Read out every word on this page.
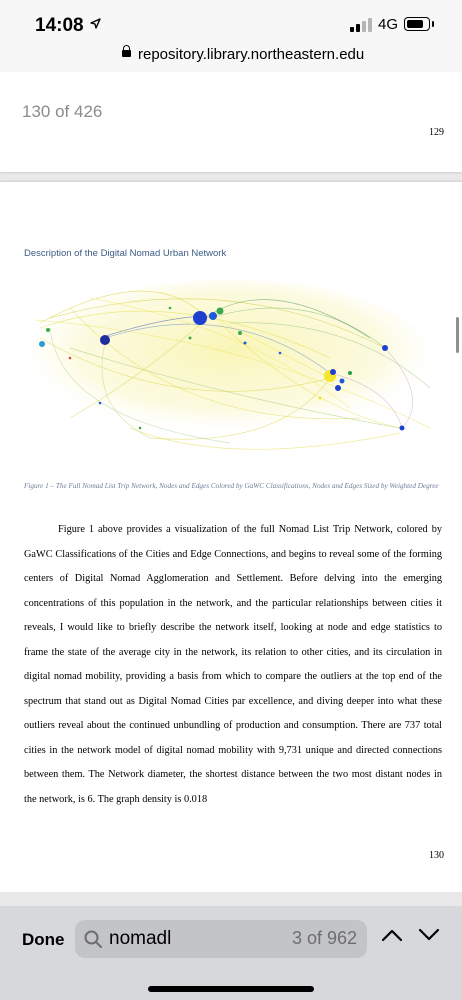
14:08	4G
repository.library.northeastern.edu
130 of 426
129
Description of the Digital Nomad Urban Network
Figure 1 – The Full Nomad List Trip Network, Nodes and Edges Colored by GaWC Classifications, Nodes and Edges Sized by Weighted Degree
Figure 1 above provides a visualization of the full Nomad List Trip Network, colored by GaWC Classifications of the Cities and Edge Connections, and begins to reveal some of the forming centers of Digital Nomad Agglomeration and Settlement. Before delving into the emerging concentrations of this population in the network, and the particular relationships between cities it reveals, I would like to briefly describe the network itself, looking at node and edge statistics to frame the state of the average city in the network, its relation to other cities, and its circulation in digital nomad mobility, providing a basis from which to compare the outliers at the top end of the spectrum that stand out as Digital Nomad Cities par excellence, and diving deeper into what these outliers reveal about the continued unbundling of production and consumption. There are 737 total cities in the network model of digital nomad mobility with 9,731 unique and directed connections between them. The Network diameter, the shortest distance between the two most distant nodes in the network, is 6. The graph density is 0.018
130
Done
nomadl	3 of 962
